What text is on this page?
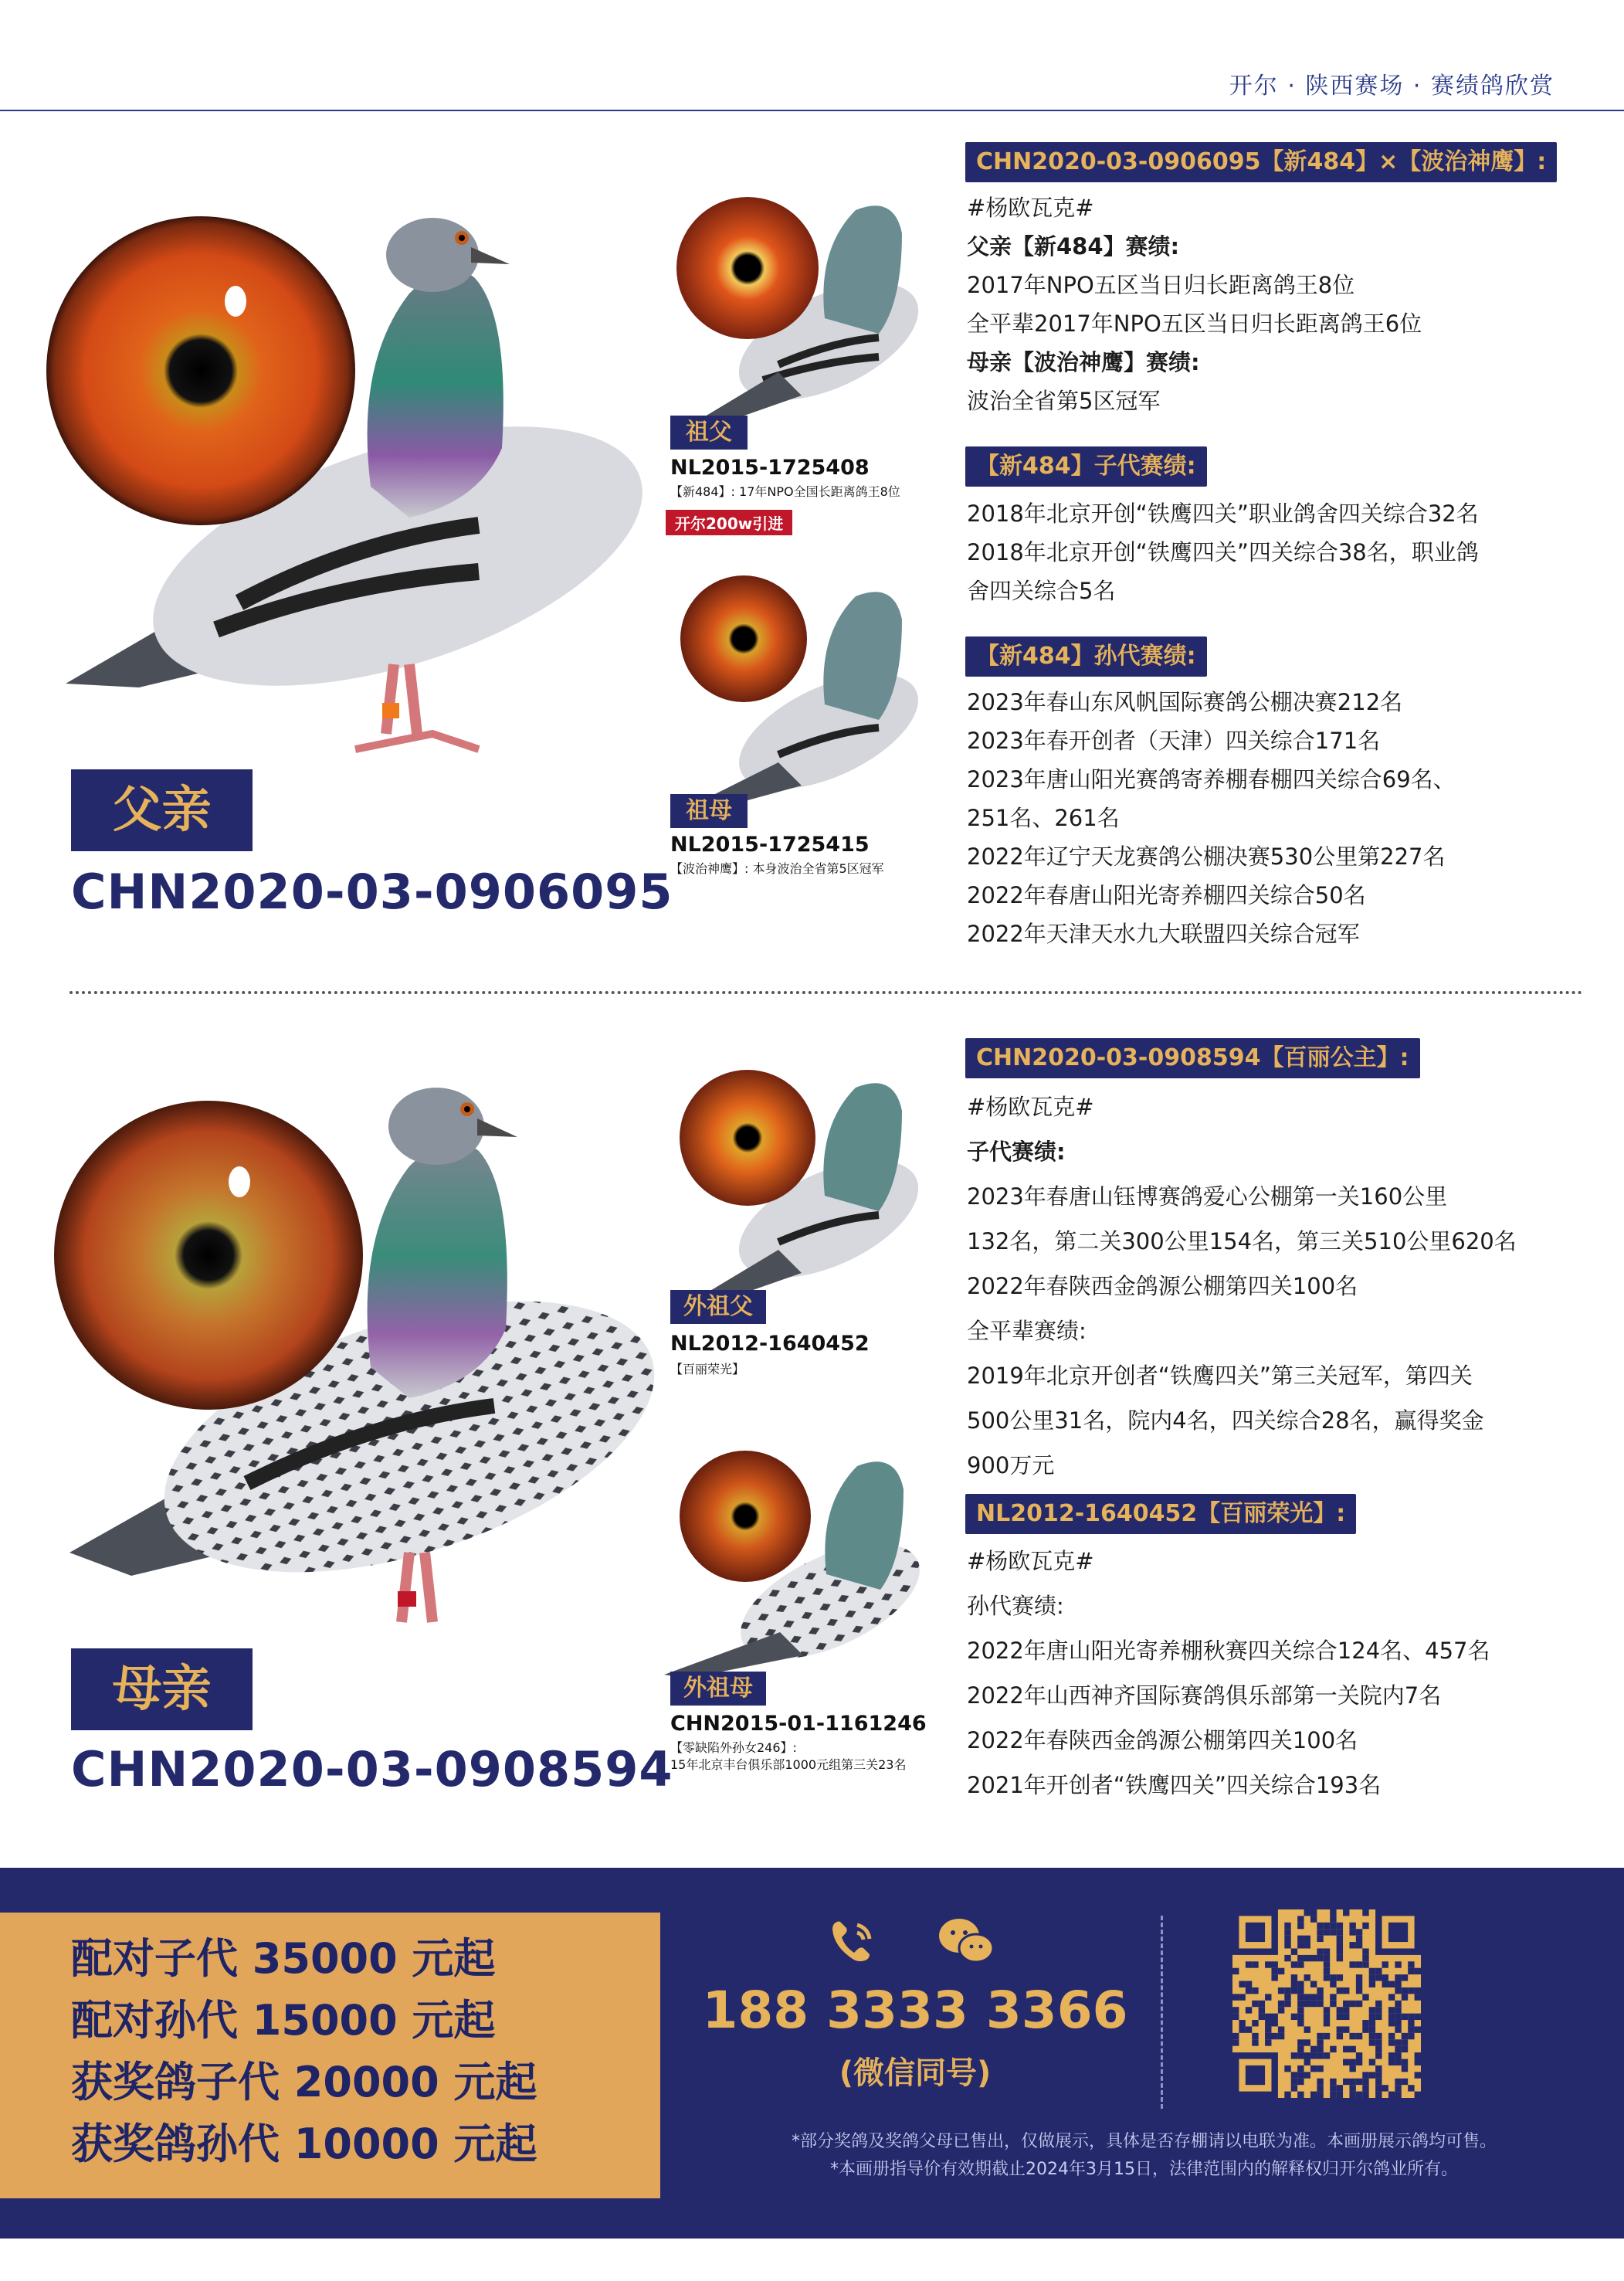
开尔 · 陕西赛场 · 赛绩鸽欣赏
父亲
CHN2020-03-0906095
祖父
NL2015-1725408
【新484】: 17年NPO全国长距离鸽王8位
开尔200w引进
祖母
NL2015-1725415
【波治神鹰】: 本身波治全省第5区冠军
CHN2020-03-0906095【新484】×【波治神鹰】:
#杨欧瓦克#
父亲【新484】赛绩:
2017年NPO五区当日归长距离鸽王8位
全平辈2017年NPO五区当日归长距离鸽王6位
母亲【波治神鹰】赛绩:
波治全省第5区冠军
【新484】子代赛绩:
2018年北京开创“铁鹰四关”职业鸽舍四关综合32名
2018年北京开创“铁鹰四关”四关综合38名，职业鸽
舍四关综合5名
【新484】孙代赛绩:
2023年春山东风帆国际赛鸽公棚决赛212名
2023年春开创者（天津）四关综合171名
2023年唐山阳光赛鸽寄养棚春棚四关综合69名、
251名、261名
2022年辽宁天龙赛鸽公棚决赛530公里第227名
2022年春唐山阳光寄养棚四关综合50名
2022年天津天水九大联盟四关综合冠军
母亲
CHN2020-03-0908594
外祖父
NL2012-1640452
【百丽荣光】
外祖母
CHN2015-01-1161246
【零缺陷外孙女246】:
15年北京丰台俱乐部1000元组第三关23名
CHN2020-03-0908594【百丽公主】:
#杨欧瓦克#
子代赛绩:
2023年春唐山钰博赛鸽爱心公棚第一关160公里
132名，第二关300公里154名，第三关510公里620名
2022年春陕西金鸽源公棚第四关100名
全平辈赛绩:
2019年北京开创者“铁鹰四关”第三关冠军，第四关
500公里31名，院内4名，四关综合28名，赢得奖金
900万元
NL2012-1640452【百丽荣光】:
#杨欧瓦克#
孙代赛绩:
2022年唐山阳光寄养棚秋赛四关综合124名、457名
2022年山西神齐国际赛鸽俱乐部第一关院内7名
2022年春陕西金鸽源公棚第四关100名
2021年开创者“铁鹰四关”四关综合193名
配对子代 35000 元起
配对孙代 15000 元起
获奖鸽子代 20000 元起
获奖鸽孙代 10000 元起
188 3333 3366
(微信同号)
*部分奖鸽及奖鸽父母已售出，仅做展示，具体是否存棚请以电联为准。本画册展示鸽均可售。
*本画册指导价有效期截止2024年3月15日，法律范围内的解释权归开尔鸽业所有。
